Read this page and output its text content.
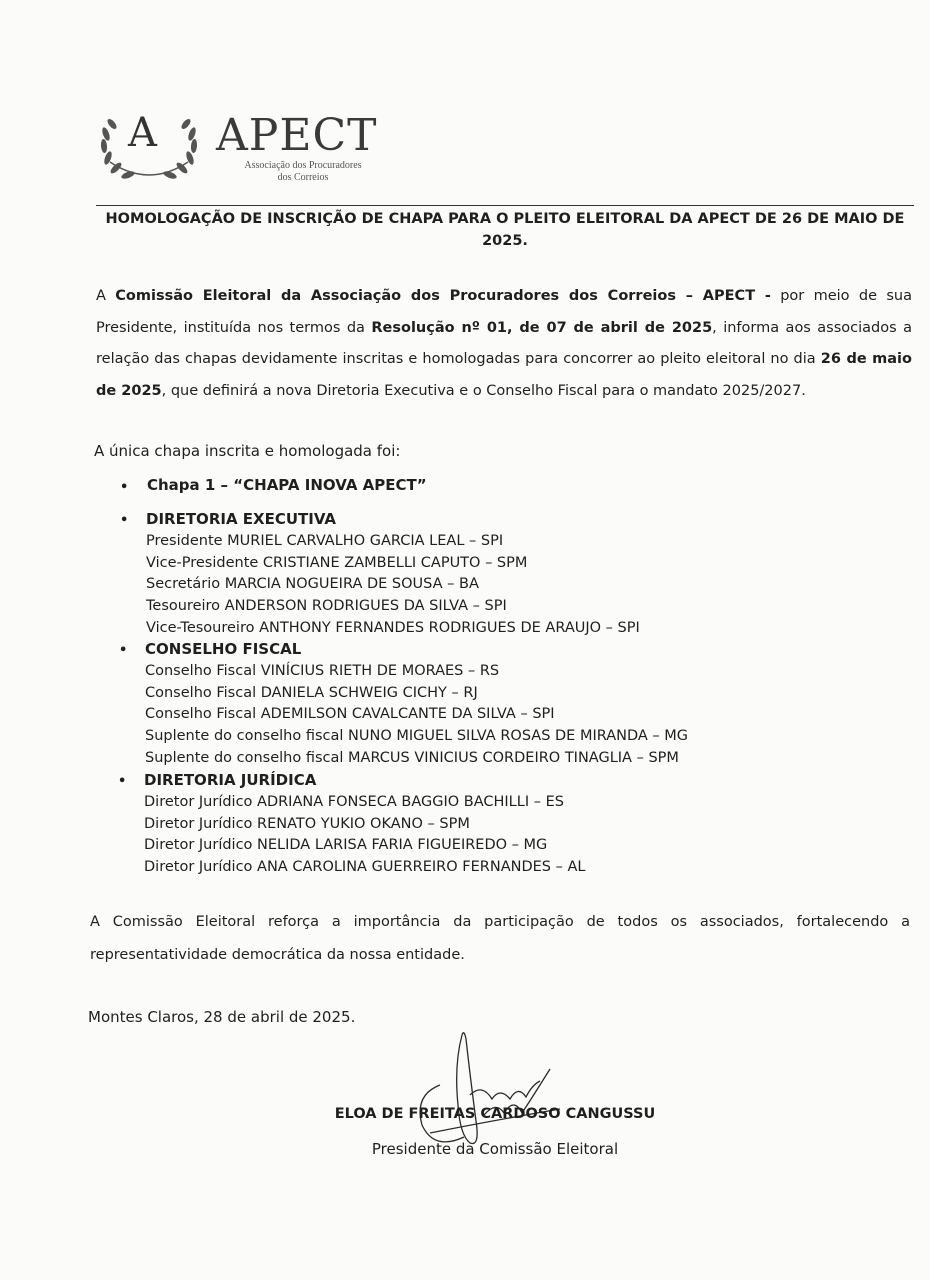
A APECT
Associação dos Procuradores
dos Correios
HOMOLOGAÇÃO DE INSCRIÇÃO DE CHAPA PARA O PLEITO ELEITORAL DA APECT DE 26 DE MAIO DE
2025.
A Comissão Eleitoral da Associação dos Procuradores dos Correios – APECT - por meio de sua Presidente, instituída nos termos da Resolução nº 01, de 07 de abril de 2025, informa aos associados a relação das chapas devidamente inscritas e homologadas para concorrer ao pleito eleitoral no dia 26 de maio de 2025, que definirá a nova Diretoria Executiva e o Conselho Fiscal para o mandato 2025/2027.
A única chapa inscrita e homologada foi:
• Chapa 1 – “CHAPA INOVA APECT”
• DIRETORIA EXECUTIVA
Presidente MURIEL CARVALHO GARCIA LEAL – SPI
Vice-Presidente CRISTIANE ZAMBELLI CAPUTO – SPM
Secretário MARCIA NOGUEIRA DE SOUSA – BA
Tesoureiro ANDERSON RODRIGUES DA SILVA – SPI
Vice-Tesoureiro ANTHONY FERNANDES RODRIGUES DE ARAUJO – SPI
• CONSELHO FISCAL
Conselho Fiscal VINÍCIUS RIETH DE MORAES – RS
Conselho Fiscal DANIELA SCHWEIG CICHY – RJ
Conselho Fiscal ADEMILSON CAVALCANTE DA SILVA – SPI
Suplente do conselho fiscal NUNO MIGUEL SILVA ROSAS DE MIRANDA – MG
Suplente do conselho fiscal MARCUS VINICIUS CORDEIRO TINAGLIA – SPM
• DIRETORIA JURÍDICA
Diretor Jurídico ADRIANA FONSECA BAGGIO BACHILLI – ES
Diretor Jurídico RENATO YUKIO OKANO – SPM
Diretor Jurídico NELIDA LARISA FARIA FIGUEIREDO – MG
Diretor Jurídico ANA CAROLINA GUERREIRO FERNANDES – AL
A Comissão Eleitoral reforça a importância da participação de todos os associados, fortalecendo a representatividade democrática da nossa entidade.
Montes Claros, 28 de abril de 2025.
ELOA DE FREITAS CARDOSO CANGUSSU
Presidente da Comissão Eleitoral
